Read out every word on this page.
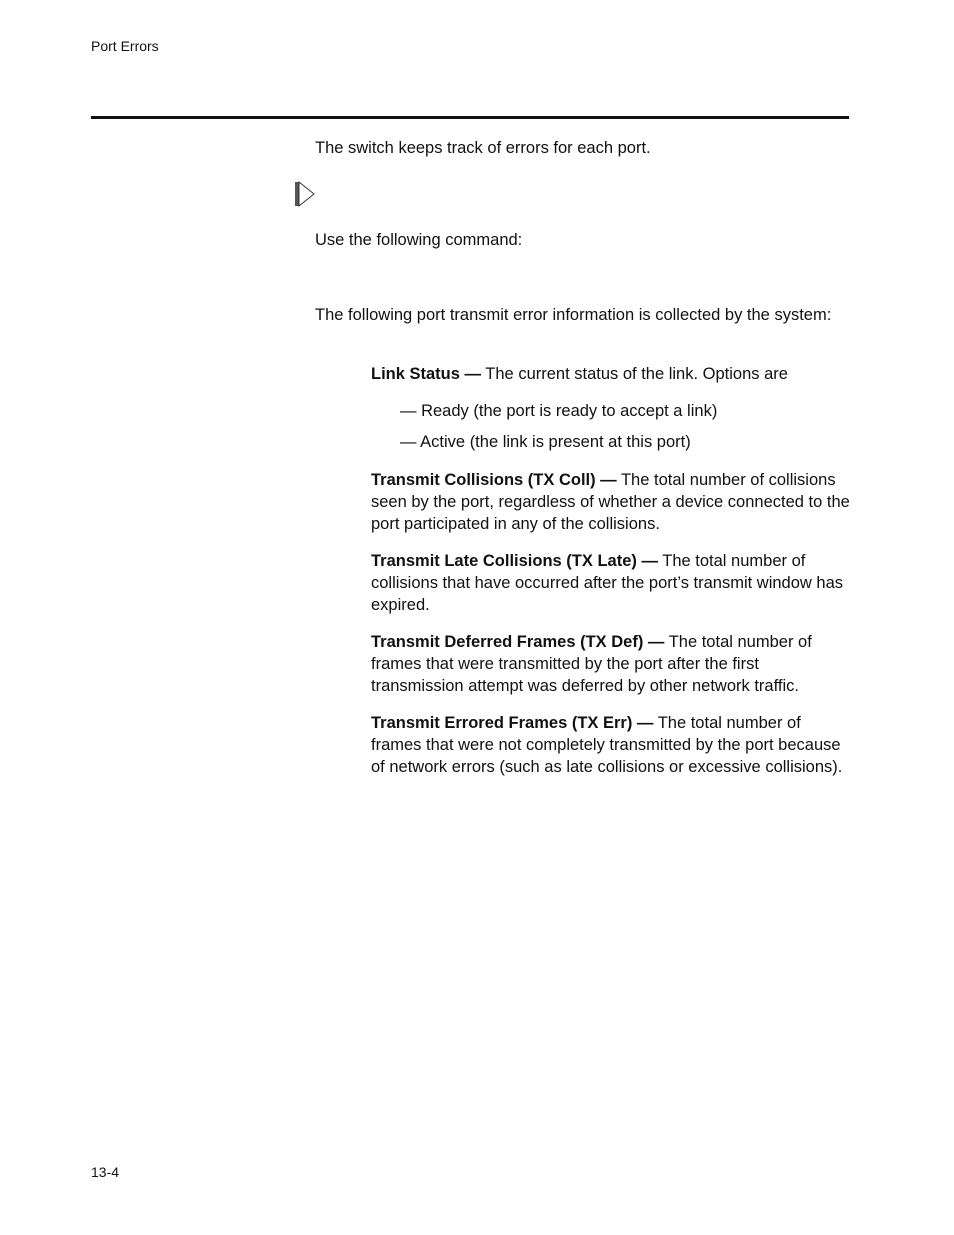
Port Errors

The switch keeps track of errors for each port.

Use the following command:

The following port transmit error information is collected by the system:

Link Status — The current status of the link. Options are

— Ready (the port is ready to accept a link)
— Active (the link is present at this port)

Transmit Collisions (TX Coll) — The total number of collisions seen by the port, regardless of whether a device connected to the port participated in any of the collisions.

Transmit Late Collisions (TX Late) — The total number of collisions that have occurred after the port’s transmit window has expired.

Transmit Deferred Frames (TX Def) — The total number of frames that were transmitted by the port after the first transmission attempt was deferred by other network traffic.

Transmit Errored Frames (TX Err) — The total number of frames that were not completely transmitted by the port because of network errors (such as late collisions or excessive collisions).

13-4
